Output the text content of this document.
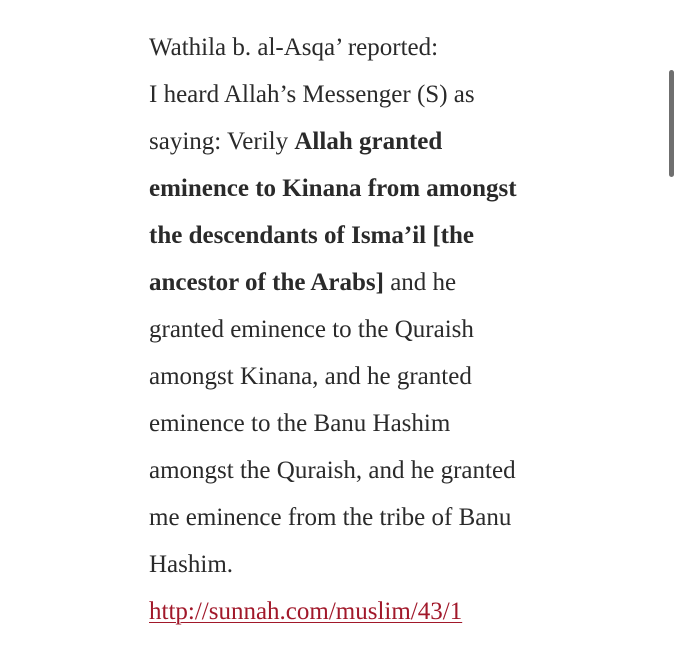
Wathila b. al-Asqa’ reported:
I heard Allah’s Messenger (S) as
saying: Verily Allah granted
eminence to Kinana from amongst
the descendants of Isma’il [the
ancestor of the Arabs] and he
granted eminence to the Quraish
amongst Kinana, and he granted
eminence to the Banu Hashim
amongst the Quraish, and he granted
me eminence from the tribe of Banu
Hashim.
http://sunnah.com/muslim/43/1
